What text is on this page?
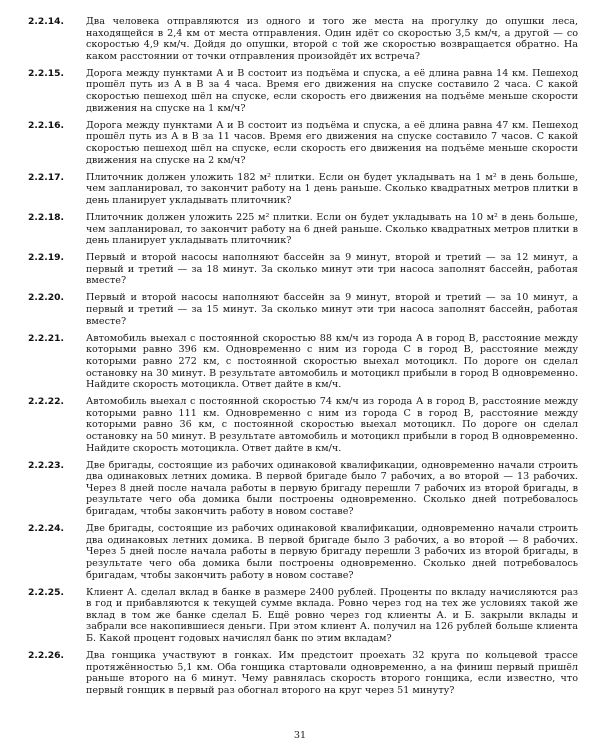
2.2.14.	Два человека отправляются из одного и того же места на прогулку до опушки леса, находящейся в 2,4 км от места отправления. Один идёт со скоростью 3,5 км/ч, а другой — со скоростью 4,9 км/ч. Дойдя до опушки, второй с той же скоростью возвращается обратно. На каком расстоянии от точки отправления произойдёт их встреча?
2.2.15.	Дорога между пунктами А и В состоит из подъёма и спуска, а её длина равна 14 км. Пешеход прошёл путь из А в В за 4 часа. Время его движения на спуске составило 2 часа. С какой скоростью пешеход шёл на спуске, если скорость его движения на подъёме меньше скорости движения на спуске на 1 км/ч?
2.2.16.	Дорога между пунктами А и В состоит из подъёма и спуска, а её длина равна 47 км. Пешеход прошёл путь из А в В за 11 часов. Время его движения на спуске составило 7 часов. С какой скоростью пешеход шёл на спуске, если скорость его движения на подъёме меньше скорости движения на спуске на 2 км/ч?
2.2.17.	Плиточник должен уложить 182 м² плитки. Если он будет укладывать на 1 м² в день больше, чем запланировал, то закончит работу на 1 день раньше. Сколько квадратных метров плитки в день планирует укладывать плиточник?
2.2.18.	Плиточник должен уложить 225 м² плитки. Если он будет укладывать на 10 м² в день больше, чем запланировал, то закончит работу на 6 дней раньше. Сколько квадратных метров плитки в день планирует укладывать плиточник?
2.2.19.	Первый и второй насосы наполняют бассейн за 9 минут, второй и третий — за 12 минут, а первый и третий — за 18 минут. За сколько минут эти три насоса заполнят бассейн, работая вместе?
2.2.20.	Первый и второй насосы наполняют бассейн за 9 минут, второй и третий — за 10 минут, а первый и третий — за 15 минут. За сколько минут эти три насоса заполнят бассейн, работая вместе?
2.2.21.	Автомобиль выехал с постоянной скоростью 88 км/ч из города А в город В, расстояние между которыми равно 396 км. Одновременно с ним из города С в город В, расстояние между которыми равно 272 км, с постоянной скоростью выехал мотоцикл. По дороге он сделал остановку на 30 минут. В результате автомобиль и мотоцикл прибыли в город В одновременно. Найдите скорость мотоцикла. Ответ дайте в км/ч.
2.2.22.	Автомобиль выехал с постоянной скоростью 74 км/ч из города А в город В, расстояние между которыми равно 111 км. Одновременно с ним из города С в город В, расстояние между которыми равно 36 км, с постоянной скоростью выехал мотоцикл. По дороге он сделал остановку на 50 минут. В результате автомобиль и мотоцикл прибыли в город В одновременно. Найдите скорость мотоцикла. Ответ дайте в км/ч.
2.2.23.	Две бригады, состоящие из рабочих одинаковой квалификации, одновременно начали строить два одинаковых летних домика. В первой бригаде было 7 рабочих, а во второй — 13 рабочих. Через 8 дней после начала работы в первую бригаду перешли 7 рабочих из второй бригады, в результате чего оба домика были построены одновременно. Сколько дней потребовалось бригадам, чтобы закончить работу в новом составе?
2.2.24.	Две бригады, состоящие из рабочих одинаковой квалификации, одновременно начали строить два одинаковых летних домика. В первой бригаде было 3 рабочих, а во второй — 8 рабочих. Через 5 дней после начала работы в первую бригаду перешли 3 рабочих из второй бригады, в результате чего оба домика были построены одновременно. Сколько дней потребовалось бригадам, чтобы закончить работу в новом составе?
2.2.25.	Клиент А. сделал вклад в банке в размере 2400 рублей. Проценты по вкладу начисляются раз в год и прибавляются к текущей сумме вклада. Ровно через год на тех же условиях такой же вклад в том же банке сделал Б. Ещё ровно через год клиенты А. и Б. закрыли вклады и забрали все накопившиеся деньги. При этом клиент А. получил на 126 рублей больше клиента Б. Какой процент годовых начислял банк по этим вкладам?
2.2.26.	Два гонщика участвуют в гонках. Им предстоит проехать 32 круга по кольцевой трассе протяжённостью 5,1 км. Оба гонщика стартовали одновременно, а на финиш первый пришёл раньше второго на 6 минут. Чему равнялась скорость второго гонщика, если известно, что первый гонщик в первый раз обогнал второго на круг через 51 минуту?
31
